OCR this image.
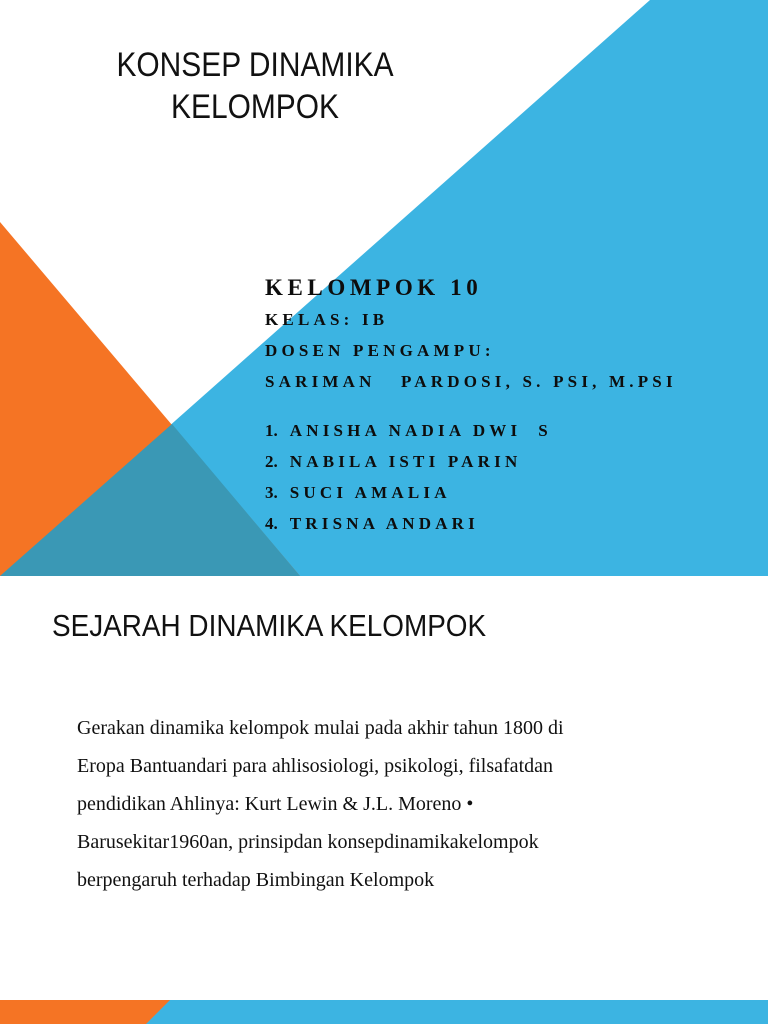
KONSEP DINAMIKA
KELOMPOK
KELOMPOK 10
KELAS: IB
DOSEN PENGAMPU:
SARIMAN   PARDOSI, S. PSI, M.PSI
1. ANISHA NADIA DWI  S
2. NABILA ISTI PARIN
3. SUCI AMALIA
4. TRISNA ANDARI
SEJARAH DINAMIKA KELOMPOK

Gerakan dinamika kelompok mulai pada akhir tahun 1800 di

Eropa Bantuandari para ahlisosiologi, psikologi, filsafatdan

pendidikan Ahlinya: Kurt Lewin & J.L. Moreno •

Barusekitar1960an, prinsipdan konsepdinamikakelompok

berpengaruh terhadap Bimbingan Kelompok
